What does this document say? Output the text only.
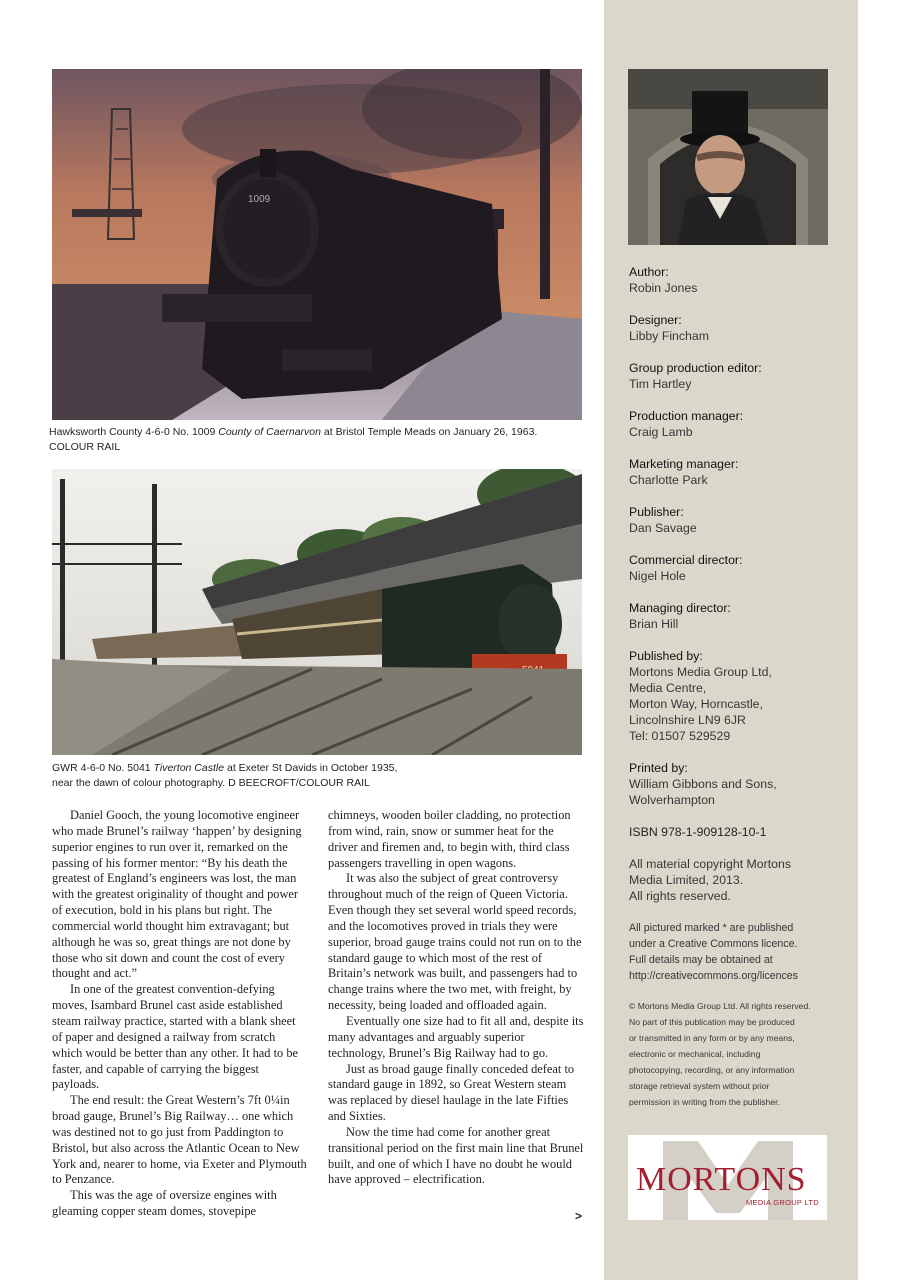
1009
Hawksworth County 4-6-0 No. 1009 County of Caernarvon at Bristol Temple Meads on January 26, 1963.
COLOUR RAIL
GWR 4-6-0 No. 5041 Tiverton Castle at Exeter St Davids in October 1935,
near the dawn of colour photography. D BEECROFT/COLOUR RAIL

Daniel Gooch, the young locomotive engineer who made Brunel’s railway ‘happen’ by designing superior engines to run over it, remarked on the passing of his former mentor: “By his death the greatest of England’s engineers was lost, the man with the greatest originality of thought and power of execution, bold in his plans but right. The commercial world thought him extravagant; but although he was so, great things are not done by those who sit down and count the cost of every thought and act.”

In one of the greatest convention-defying moves, Isambard Brunel cast aside established steam railway practice, started with a blank sheet of paper and designed a railway from scratch which would be better than any other. It had to be faster, and capable of carrying the biggest payloads.

The end result: the Great Western’s 7ft 0¼in broad gauge, Brunel’s Big Railway… one which was destined not to go just from Paddington to Bristol, but also across the Atlantic Ocean to New York and, nearer to home, via Exeter and Plymouth to Penzance.

This was the age of oversize engines with gleaming copper steam domes, stovepipe

chimneys, wooden boiler cladding, no protection from wind, rain, snow or summer heat for the driver and firemen and, to begin with, third class passengers travelling in open wagons.

It was also the subject of great controversy throughout much of the reign of Queen Victoria. Even though they set several world speed records, and the locomotives proved in trials they were superior, broad gauge trains could not run on to the standard gauge to which most of the rest of Britain’s network was built, and passengers had to change trains where the two met, with freight, by necessity, being loaded and offloaded again.

Eventually one size had to fit all and, despite its many advantages and arguably superior technology, Brunel’s Big Railway had to go.

Just as broad gauge finally conceded defeat to standard gauge in 1892, so Great Western steam was replaced by diesel haulage in the late Fifties and Sixties.

Now the time had come for another great transitional period on the first main line that Brunel built, and one of which I have no doubt he would have approved – electrification.

>
Author:
Robin Jones
Designer:
Libby Fincham
Group production editor:
Tim Hartley
Production manager:
Craig Lamb
Marketing manager:
Charlotte Park
Publisher:
Dan Savage
Commercial director:
Nigel Hole
Managing director:
Brian Hill
Published by:
Mortons Media Group Ltd,
Media Centre,
Morton Way, Horncastle,
Lincolnshire LN9 6JR
Tel: 01507 529529
Printed by:
William Gibbons and Sons,
Wolverhampton
ISBN 978-1-909128-10-1
All material copyright Mortons
Media Limited, 2013.
All rights reserved.
All pictured marked * are published
under a Creative Commons licence.
Full details may be obtained at
http://creativecommons.org/licences
© Mortons Media Group Ltd. All rights reserved.
No part of this publication may be produced
or transmitted in any form or by any means,
electronic or mechanical, including
photocopying, recording, or any information
storage retrieval system without prior
permission in writing from the publisher.
MORTONS
MEDIA GROUP LTD
